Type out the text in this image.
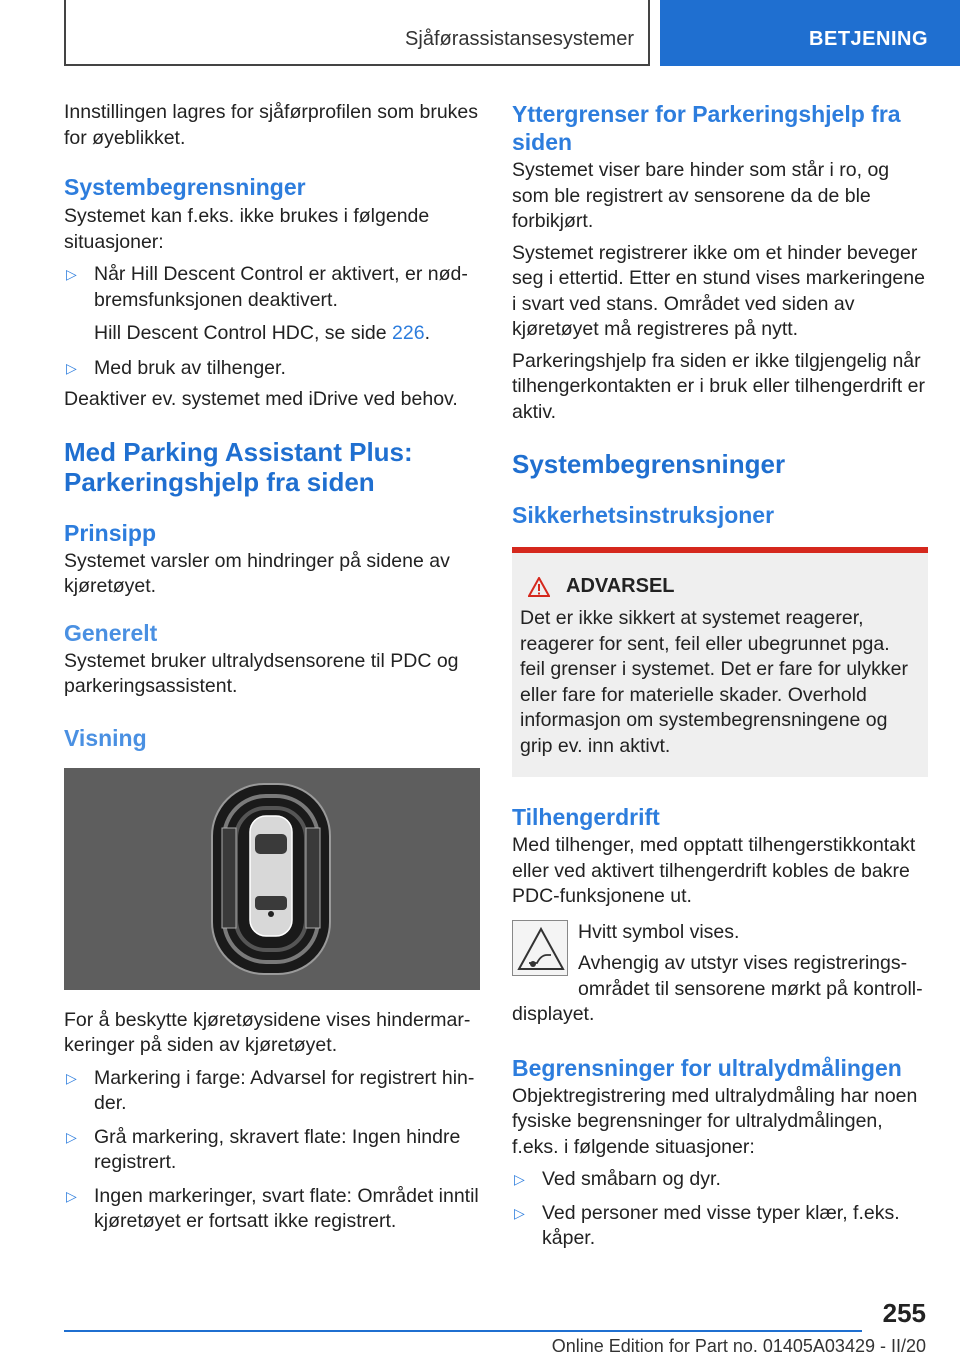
Sjåførassistansesystemer	BETJENING

Innstillingen lagres for sjåførprofilen som brukes for øyeblikket.

Systembegrensninger

Systemet kan f.eks. ikke brukes i følgende situasjoner:

▷ Når Hill Descent Control er aktivert, er nødbremsfunksjonen deaktivert.
Hill Descent Control HDC, se side 226.
▷ Med bruk av tilhenger.

Deaktiver ev. systemet med iDrive ved behov.

Med Parking Assistant Plus: Parkeringshjelp fra siden
Prinsipp

Systemet varsler om hindringer på sidene av kjøretøyet.

Generelt

Systemet bruker ultralydsensorene til PDC og parkeringsassistent.

Visning

For å beskytte kjøretøysidene vises hindermarkeringer på siden av kjøretøyet.

▷ Markering i farge: Advarsel for registrert hinder.
▷ Grå markering, skravert flate: Ingen hindre registrert.
▷ Ingen markeringer, svart flate: Området inntil kjøretøyet er fortsatt ikke registrert.
Yttergrenser for Parkeringshjelp fra siden

Systemet viser bare hinder som står i ro, og som ble registrert av sensorene da de ble forbikjørt.

Systemet registrerer ikke om et hinder beveger seg i ettertid. Etter en stund vises markeringene i svart ved stans. Området ved siden av kjøretøyet må registreres på nytt.

Parkeringshjelp fra siden er ikke tilgjengelig når tilhengerkontakten er i bruk eller tilhengerdrift er aktiv.

Systembegrensninger
Sikkerhetsinstruksjoner
ADVARSEL

Det er ikke sikkert at systemet reagerer, reagerer for sent, feil eller ubegrunnet pga. feil grenser i systemet. Det er fare for ulykker eller fare for materielle skader. Overhold informasjon om systembegrensningene og grip ev. inn aktivt.

Tilhengerdrift

Med tilhenger, med opptatt tilhengerstikkontakt eller ved aktivert tilhengerdrift kobles de bakre PDC-funksjonene ut.

Hvitt symbol vises.

Avhengig av utstyr vises registreringsområdet til sensorene mørkt på kontroll-

displayet.

Begrensninger for ultralydmålingen

Objektregistrering med ultralydmåling har noen fysiske begrensninger for ultralydmålingen, f.eks. i følgende situasjoner:

▷ Ved småbarn og dyr.
▷ Ved personer med visse typer klær, f.eks. kåper.
255
Online Edition for Part no. 01405A03429 - II/20
